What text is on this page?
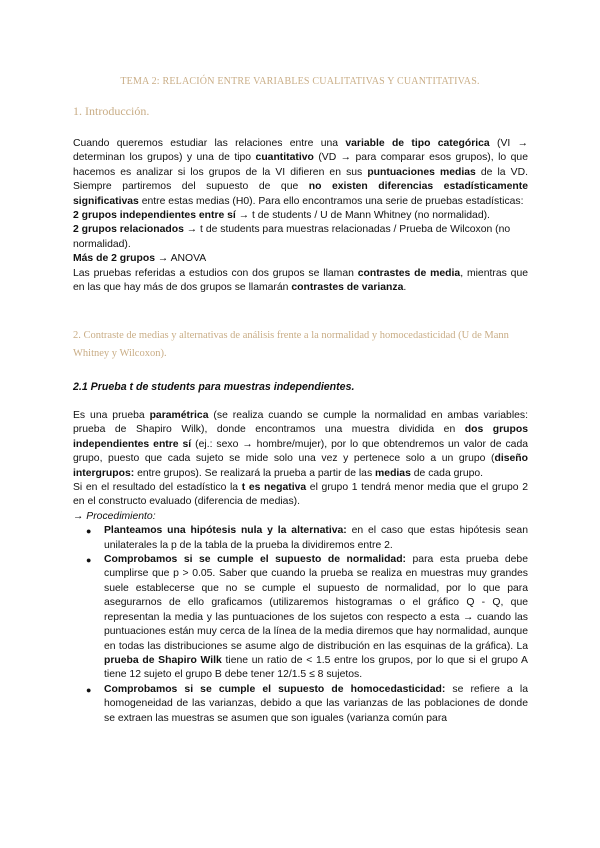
TEMA 2: RELACIÓN ENTRE VARIABLES CUALITATIVAS Y CUANTITATIVAS.
1. Introducción.

Cuando queremos estudiar las relaciones entre una variable de tipo categórica (VI → determinan los grupos) y una de tipo cuantitativo (VD → para comparar esos grupos), lo que hacemos es analizar si los grupos de la VI difieren en sus puntuaciones medias de la VD. Siempre partiremos del supuesto de que no existen diferencias estadísticamente significativas entre estas medias (H0). Para ello encontramos una serie de pruebas estadísticas:

2 grupos independientes entre sí → t de students / U de Mann Whitney (no normalidad).

2 grupos relacionados → t de students para muestras relacionadas / Prueba de Wilcoxon (no normalidad).

Más de 2 grupos → ANOVA

Las pruebas referidas a estudios con dos grupos se llaman contrastes de media, mientras que en las que hay más de dos grupos se llamarán contrastes de varianza.

2. Contraste de medias y alternativas de análisis frente a la normalidad y homocedasticidad (U de Mann Whitney y Wilcoxon).
2.1 Prueba t de students para muestras independientes.

Es una prueba paramétrica (se realiza cuando se cumple la normalidad en ambas variables: prueba de Shapiro Wilk), donde encontramos una muestra dividida en dos grupos independientes entre sí (ej.: sexo → hombre/mujer), por lo que obtendremos un valor de cada grupo, puesto que cada sujeto se mide solo una vez y pertenece solo a un grupo (diseño intergrupos: entre grupos). Se realizará la prueba a partir de las medias de cada grupo.

Si en el resultado del estadístico la t es negativa el grupo 1 tendrá menor media que el grupo 2 en el constructo evaluado (diferencia de medias).

→ Procedimiento:

● Planteamos una hipótesis nula y la alternativa: en el caso que estas hipótesis sean unilaterales la p de la tabla de la prueba la dividiremos entre 2.
● Comprobamos si se cumple el supuesto de normalidad: para esta prueba debe cumplirse que p > 0.05. Saber que cuando la prueba se realiza en muestras muy grandes suele establecerse que no se cumple el supuesto de normalidad, por lo que para asegurarnos de ello graficamos (utilizaremos histogramas o el gráfico Q - Q, que representan la media y las puntuaciones de los sujetos con respecto a esta → cuando las puntuaciones están muy cerca de la línea de la media diremos que hay normalidad, aunque en todas las distribuciones se asume algo de distribución en las esquinas de la gráfica). La prueba de Shapiro Wilk tiene un ratio de < 1.5 entre los grupos, por lo que si el grupo A tiene 12 sujeto el grupo B debe tener 12/1.5 ≤ 8 sujetos.
● Comprobamos si se cumple el supuesto de homocedasticidad: se refiere a la homogeneidad de las varianzas, debido a que las varianzas de las poblaciones de donde se extraen las muestras se asumen que son iguales (varianza común para
